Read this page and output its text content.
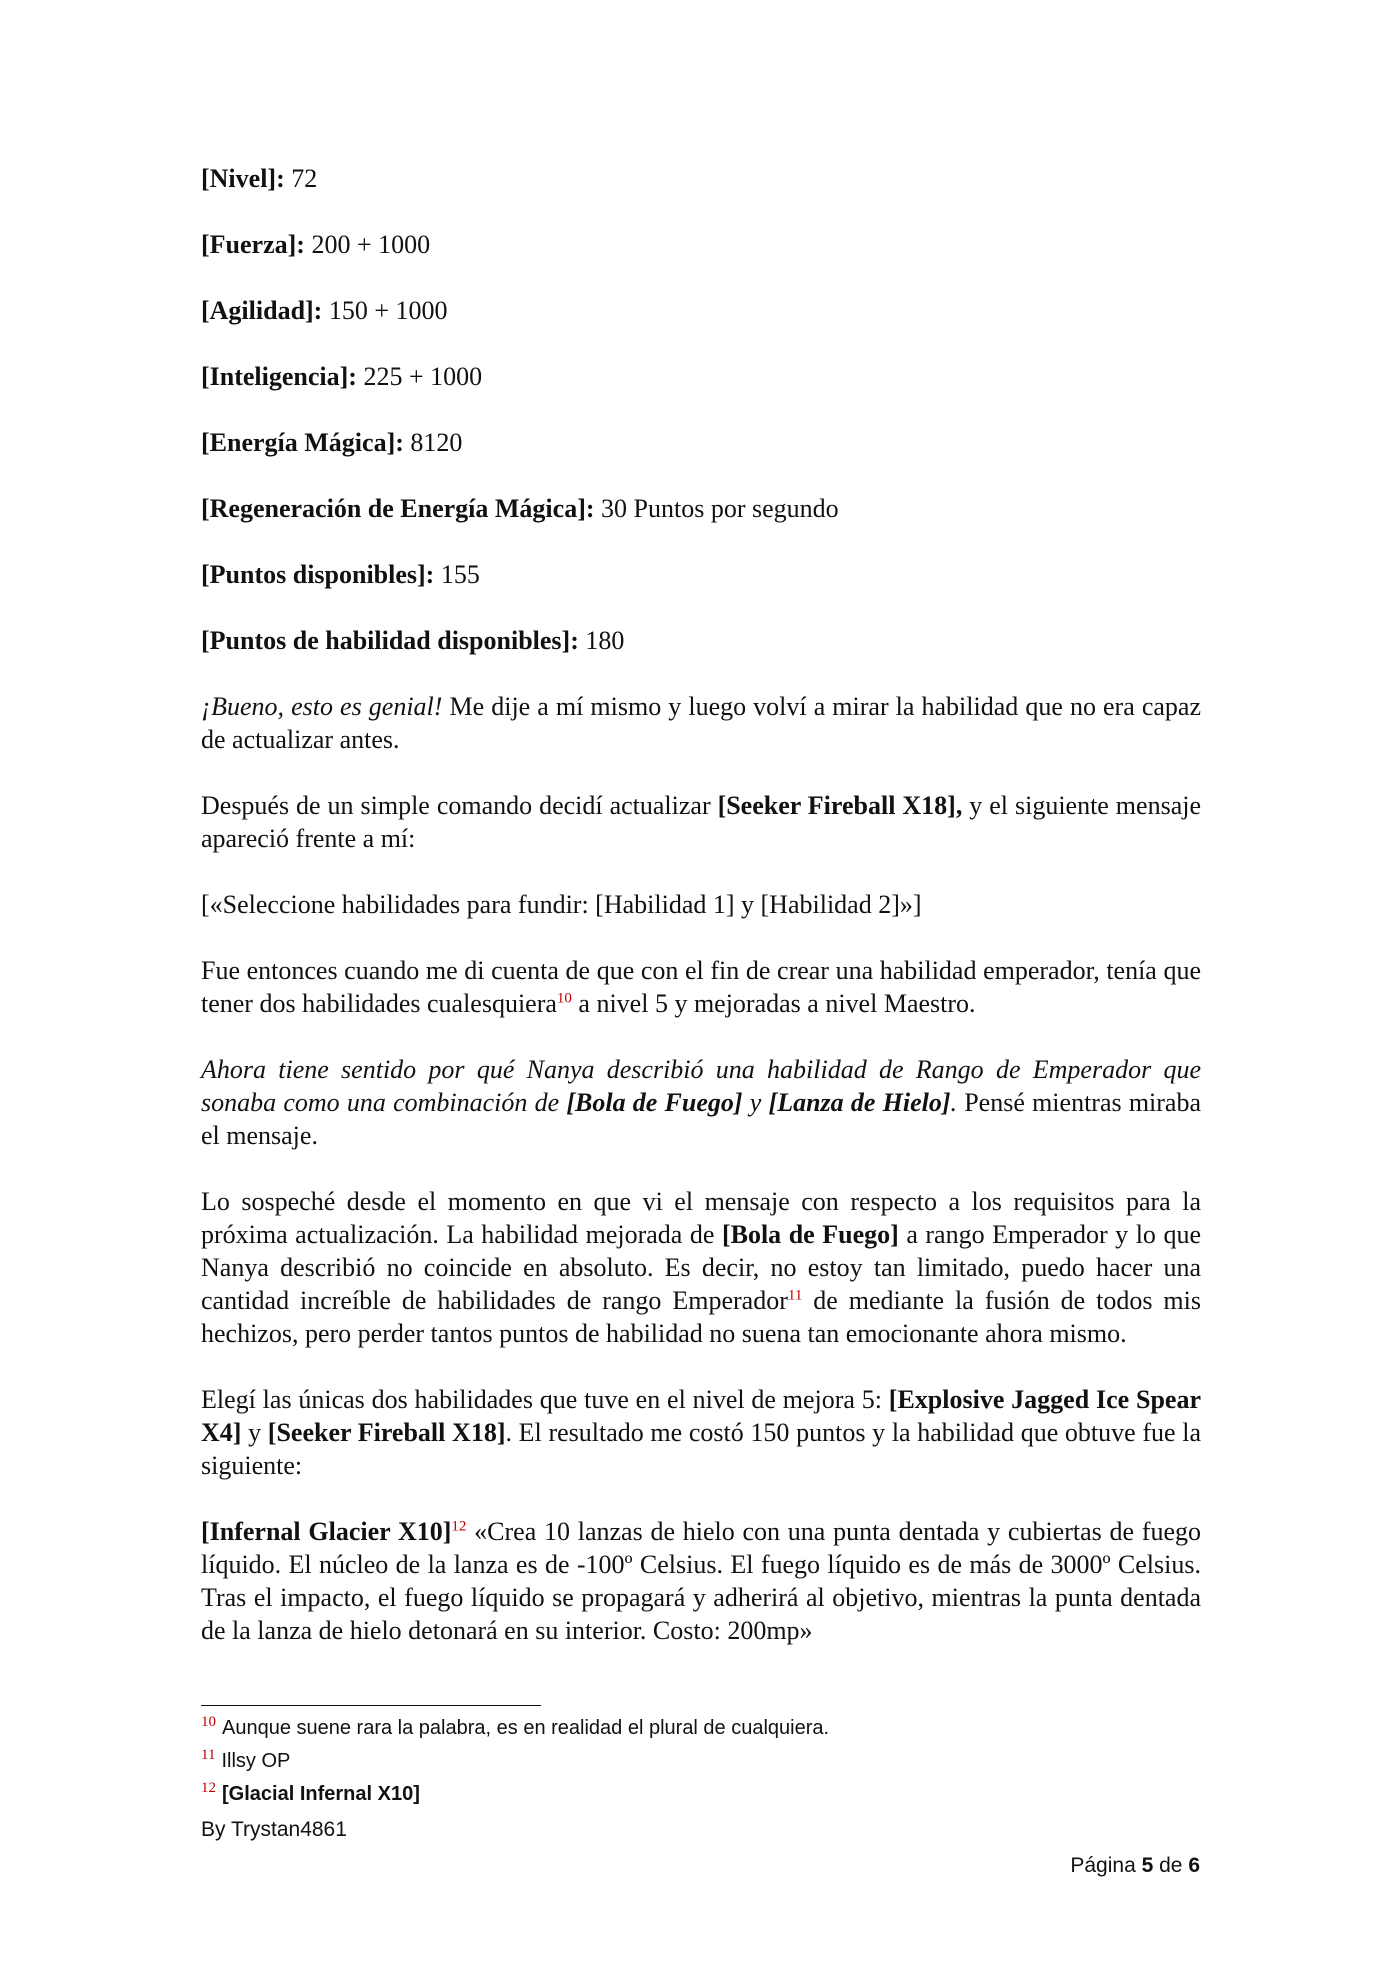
[Nivel]: 72
[Fuerza]: 200 + 1000
[Agilidad]: 150 + 1000
[Inteligencia]: 225 + 1000
[Energía Mágica]: 8120
[Regeneración de Energía Mágica]: 30 Puntos por segundo
[Puntos disponibles]: 155
[Puntos de habilidad disponibles]: 180

¡Bueno, esto es genial! Me dije a mí mismo y luego volví a mirar la habilidad que no era capaz de actualizar antes.

Después de un simple comando decidí actualizar [Seeker Fireball X18], y el siguiente mensaje apareció frente a mí:

[«Seleccione habilidades para fundir: [Habilidad 1] y [Habilidad 2]»]

Fue entonces cuando me di cuenta de que con el fin de crear una habilidad emperador, tenía que tener dos habilidades cualesquiera$^{10}$ a nivel 5 y mejoradas a nivel Maestro.

Ahora tiene sentido por qué Nanya describió una habilidad de Rango de Emperador que sonaba como una combinación de [Bola de Fuego] y [Lanza de Hielo]. Pensé mientras miraba el mensaje.

Lo sospeché desde el momento en que vi el mensaje con respecto a los requisitos para la próxima actualización. La habilidad mejorada de [Bola de Fuego] a rango Emperador y lo que Nanya describió no coincide en absoluto. Es decir, no estoy tan limitado, puedo hacer una cantidad increíble de habilidades de rango Emperador$^{11}$ de mediante la fusión de todos mis hechizos, pero perder tantos puntos de habilidad no suena tan emocionante ahora mismo.

Elegí las únicas dos habilidades que tuve en el nivel de mejora 5: [Explosive Jagged Ice Spear X4] y [Seeker Fireball X18]. El resultado me costó 150 puntos y la habilidad que obtuve fue la siguiente:

[Infernal Glacier X10]$^{12}$ «Crea 10 lanzas de hielo con una punta dentada y cubiertas de fuego líquido. El núcleo de la lanza es de -100º Celsius. El fuego líquido es de más de 3000º Celsius. Tras el impacto, el fuego líquido se propagará y adherirá al objetivo, mientras la punta dentada de la lanza de hielo detonará en su interior. Costo: 200mp»

$^{10}$ Aunque suene rara la palabra, es en realidad el plural de cualquiera.
$^{11}$ Illsy OP
$^{12}$ [Glacial Infernal X10]
By Trystan4861
Página 5 de 6
